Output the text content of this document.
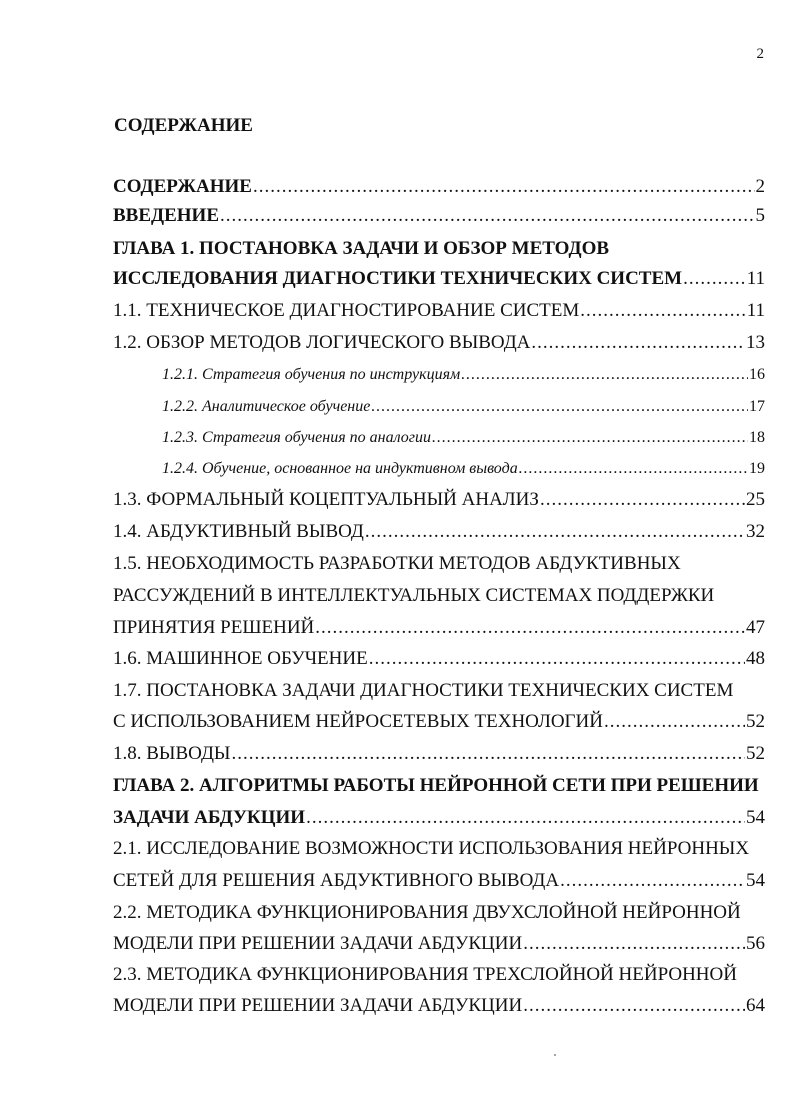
2
СОДЕРЖАНИЕ
СОДЕРЖАНИЕ .....	2
ВВЕДЕНИЕ .....	5
ГЛАВА 1. ПОСТАНОВКА ЗАДАЧИ И ОБЗОР МЕТОДОВ
ИССЛЕДОВАНИЯ ДИАГНОСТИКИ ТЕХНИЧЕСКИХ СИСТЕМ .....	11
1.1. ТЕХНИЧЕСКОЕ ДИАГНОСТИРОВАНИЕ СИСТЕМ .....	11
1.2. ОБЗОР МЕТОДОВ ЛОГИЧЕСКОГО ВЫВОДА .....	13
1.2.1. Стратегия обучения по инструкциям .....	16
1.2.2. Аналитическое обучение .....	17
1.2.3. Стратегия обучения по аналогии .....	18
1.2.4. Обучение, основанное на индуктивном вывода .....	19
1.3. ФОРМАЛЬНЫЙ КОЦЕПТУАЛЬНЫЙ АНАЛИЗ .....	25
1.4. АБДУКТИВНЫЙ ВЫВОД .....	32
1.5. НЕОБХОДИМОСТЬ РАЗРАБОТКИ МЕТОДОВ АБДУКТИВНЫХ
РАССУЖДЕНИЙ В ИНТЕЛЛЕКТУАЛЬНЫХ СИСТЕМАХ ПОДДЕРЖКИ
ПРИНЯТИЯ РЕШЕНИЙ .....	47
1.6. МАШИННОЕ ОБУЧЕНИЕ .....	48
1.7. ПОСТАНОВКА ЗАДАЧИ ДИАГНОСТИКИ ТЕХНИЧЕСКИХ СИСТЕМ
С ИСПОЛЬЗОВАНИЕМ НЕЙРОСЕТЕВЫХ ТЕХНОЛОГИЙ .....	52
1.8. ВЫВОДЫ .....	52
ГЛАВА 2. АЛГОРИТМЫ РАБОТЫ НЕЙРОННОЙ СЕТИ ПРИ РЕШЕНИИ
ЗАДАЧИ АБДУКЦИИ .....	54
2.1. ИССЛЕДОВАНИЕ ВОЗМОЖНОСТИ ИСПОЛЬЗОВАНИЯ НЕЙРОННЫХ
СЕТЕЙ ДЛЯ РЕШЕНИЯ АБДУКТИВНОГО ВЫВОДА .....	54
2.2. МЕТОДИКА ФУНКЦИОНИРОВАНИЯ ДВУХСЛОЙНОЙ НЕЙРОННОЙ
МОДЕЛИ ПРИ РЕШЕНИИ ЗАДАЧИ АБДУКЦИИ .....	56
2.3. МЕТОДИКА ФУНКЦИОНИРОВАНИЯ ТРЕХСЛОЙНОЙ НЕЙРОННОЙ
МОДЕЛИ ПРИ РЕШЕНИИ ЗАДАЧИ АБДУКЦИИ .....	64
